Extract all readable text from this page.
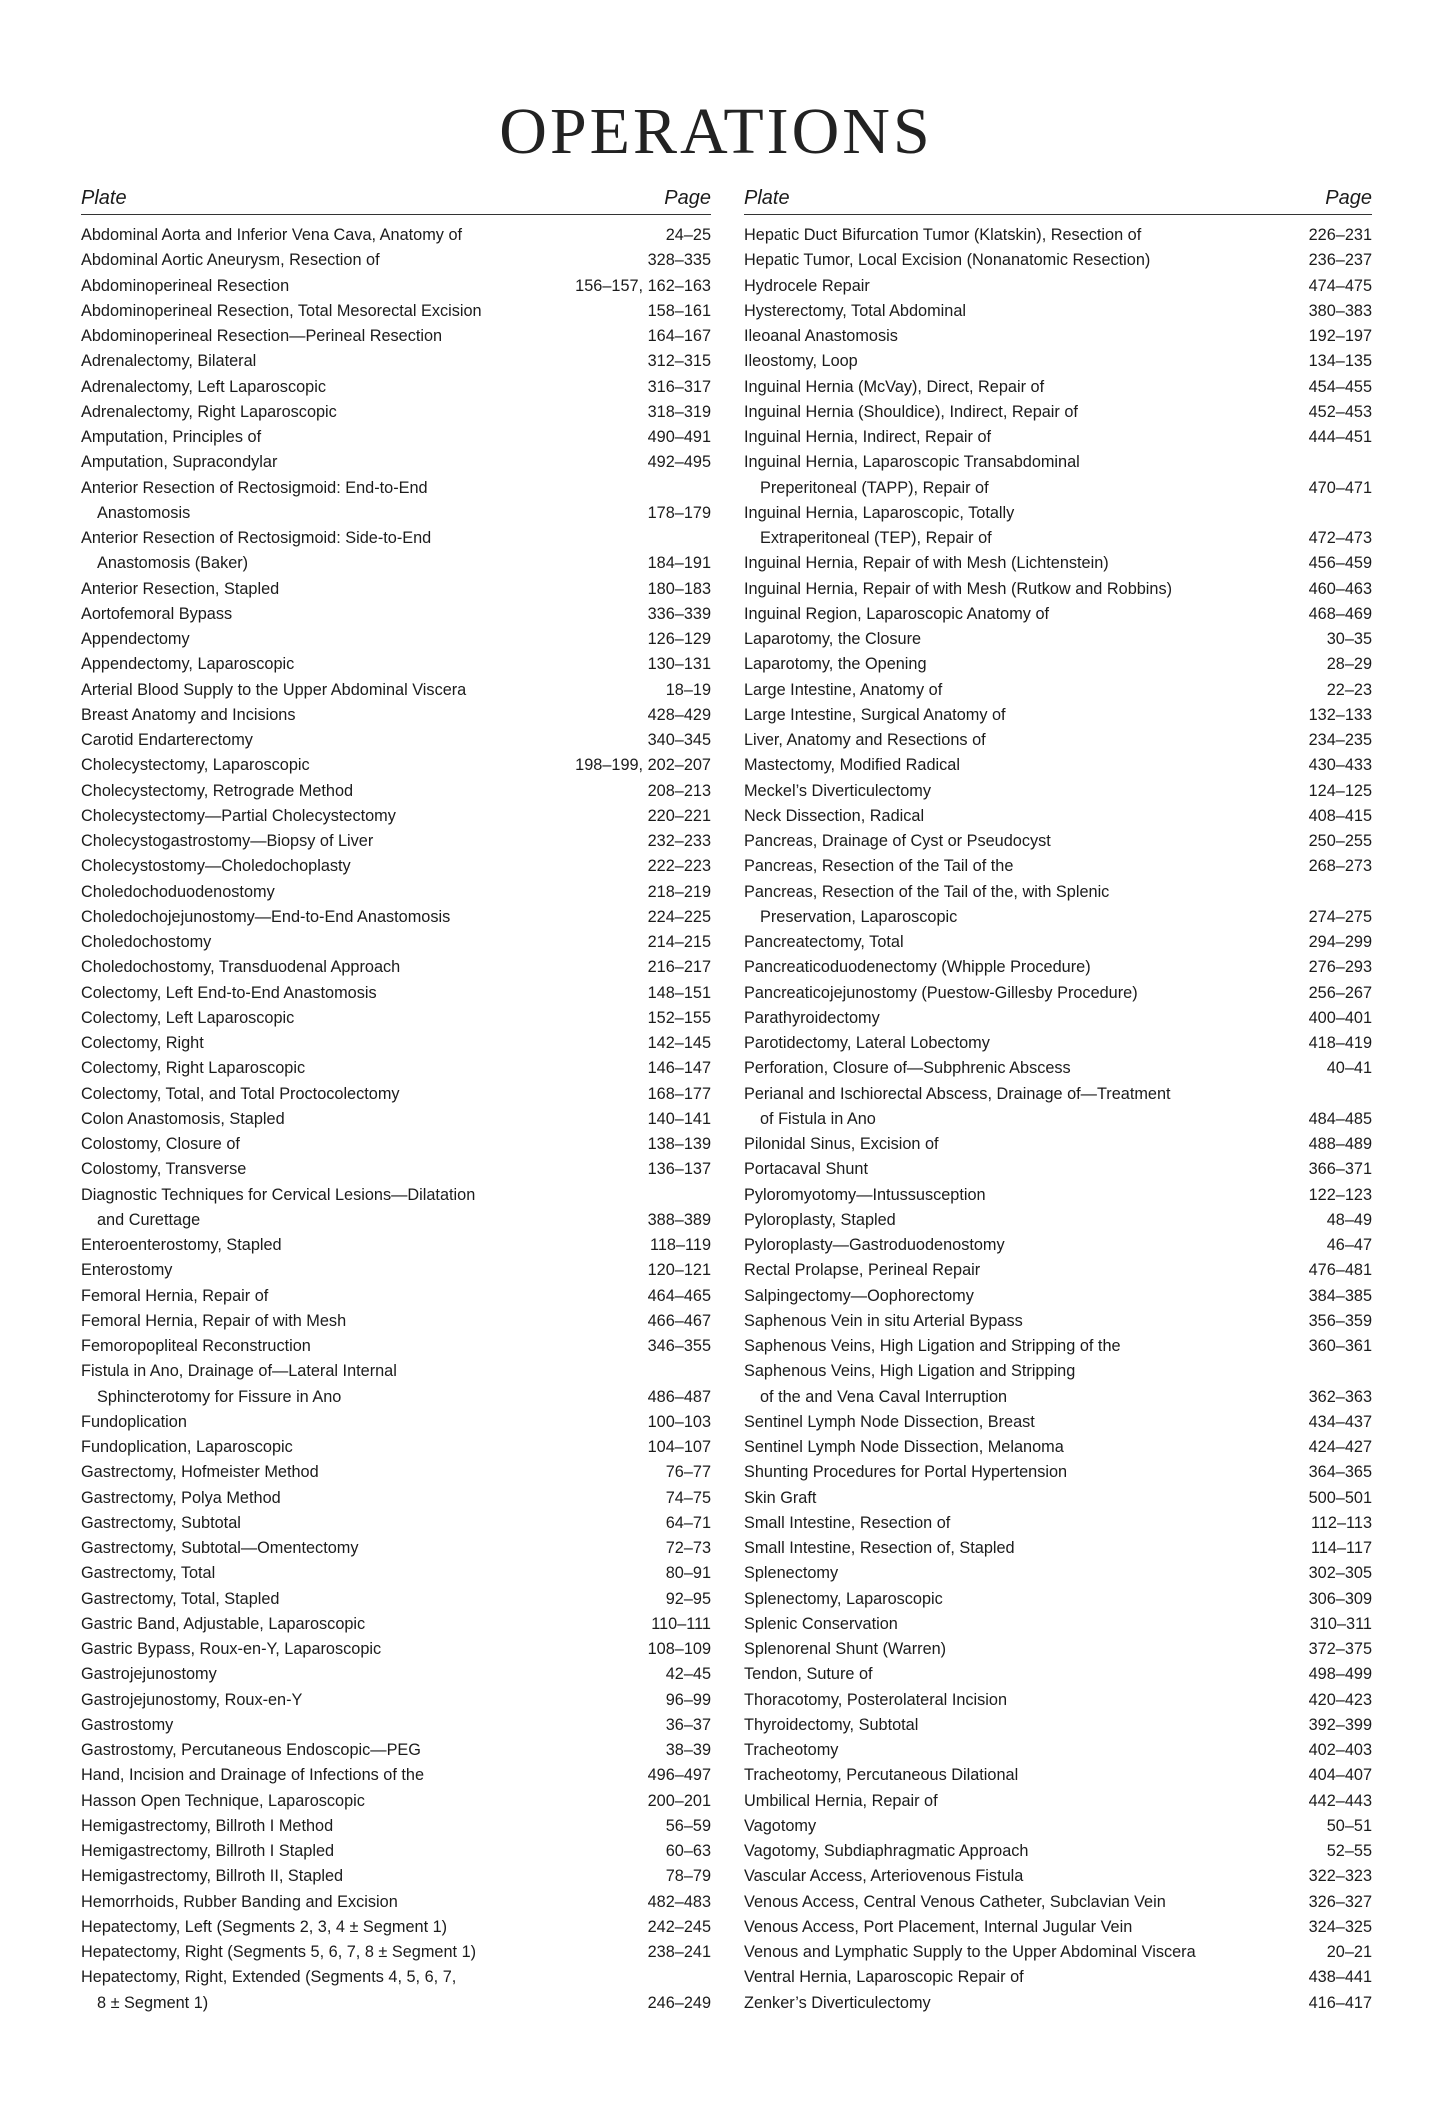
OPERATIONS
Plate	Page
Abdominal Aorta and Inferior Vena Cava, Anatomy of	24–25
Abdominal Aortic Aneurysm, Resection of	328–335
Abdominoperineal Resection	156–157, 162–163
Abdominoperineal Resection, Total Mesorectal Excision	158–161
Abdominoperineal Resection—Perineal Resection	164–167
Adrenalectomy, Bilateral	312–315
Adrenalectomy, Left Laparoscopic	316–317
Adrenalectomy, Right Laparoscopic	318–319
Amputation, Principles of	490–491
Amputation, Supracondylar	492–495
Anterior Resection of Rectosigmoid: End-to-End
Anastomosis	178–179
Anterior Resection of Rectosigmoid: Side-to-End
Anastomosis (Baker)	184–191
Anterior Resection, Stapled	180–183
Aortofemoral Bypass	336–339
Appendectomy	126–129
Appendectomy, Laparoscopic	130–131
Arterial Blood Supply to the Upper Abdominal Viscera	18–19
Breast Anatomy and Incisions	428–429
Carotid Endarterectomy	340–345
Cholecystectomy, Laparoscopic	198–199, 202–207
Cholecystectomy, Retrograde Method	208–213
Cholecystectomy—Partial Cholecystectomy	220–221
Cholecystogastrostomy—Biopsy of Liver	232–233
Cholecystostomy—Choledochoplasty	222–223
Choledochoduodenostomy	218–219
Choledochojejunostomy—End-to-End Anastomosis	224–225
Choledochostomy	214–215
Choledochostomy, Transduodenal Approach	216–217
Colectomy, Left End-to-End Anastomosis	148–151
Colectomy, Left Laparoscopic	152–155
Colectomy, Right	142–145
Colectomy, Right Laparoscopic	146–147
Colectomy, Total, and Total Proctocolectomy	168–177
Colon Anastomosis, Stapled	140–141
Colostomy, Closure of	138–139
Colostomy, Transverse	136–137
Diagnostic Techniques for Cervical Lesions—Dilatation
and Curettage	388–389
Enteroenterostomy, Stapled	118–119
Enterostomy	120–121
Femoral Hernia, Repair of	464–465
Femoral Hernia, Repair of with Mesh	466–467
Femoropopliteal Reconstruction	346–355
Fistula in Ano, Drainage of—Lateral Internal
Sphincterotomy for Fissure in Ano	486–487
Fundoplication	100–103
Fundoplication, Laparoscopic	104–107
Gastrectomy, Hofmeister Method	76–77
Gastrectomy, Polya Method	74–75
Gastrectomy, Subtotal	64–71
Gastrectomy, Subtotal—Omentectomy	72–73
Gastrectomy, Total	80–91
Gastrectomy, Total, Stapled	92–95
Gastric Band, Adjustable, Laparoscopic	110–111
Gastric Bypass, Roux-en-Y, Laparoscopic	108–109
Gastrojejunostomy	42–45
Gastrojejunostomy, Roux-en-Y	96–99
Gastrostomy	36–37
Gastrostomy, Percutaneous Endoscopic—PEG	38–39
Hand, Incision and Drainage of Infections of the	496–497
Hasson Open Technique, Laparoscopic	200–201
Hemigastrectomy, Billroth I Method	56–59
Hemigastrectomy, Billroth I Stapled	60–63
Hemigastrectomy, Billroth II, Stapled	78–79
Hemorrhoids, Rubber Banding and Excision	482–483
Hepatectomy, Left (Segments 2, 3, 4 ± Segment 1)	242–245
Hepatectomy, Right (Segments 5, 6, 7, 8 ± Segment 1)	238–241
Hepatectomy, Right, Extended (Segments 4, 5, 6, 7,
8 ± Segment 1)	246–249
Plate	Page
Hepatic Duct Bifurcation Tumor (Klatskin), Resection of	226–231
Hepatic Tumor, Local Excision (Nonanatomic Resection)	236–237
Hydrocele Repair	474–475
Hysterectomy, Total Abdominal	380–383
Ileoanal Anastomosis	192–197
Ileostomy, Loop	134–135
Inguinal Hernia (McVay), Direct, Repair of	454–455
Inguinal Hernia (Shouldice), Indirect, Repair of	452–453
Inguinal Hernia, Indirect, Repair of	444–451
Inguinal Hernia, Laparoscopic Transabdominal
Preperitoneal (TAPP), Repair of	470–471
Inguinal Hernia, Laparoscopic, Totally
Extraperitoneal (TEP), Repair of	472–473
Inguinal Hernia, Repair of with Mesh (Lichtenstein)	456–459
Inguinal Hernia, Repair of with Mesh (Rutkow and Robbins)	460–463
Inguinal Region, Laparoscopic Anatomy of	468–469
Laparotomy, the Closure	30–35
Laparotomy, the Opening	28–29
Large Intestine, Anatomy of	22–23
Large Intestine, Surgical Anatomy of	132–133
Liver, Anatomy and Resections of	234–235
Mastectomy, Modified Radical	430–433
Meckel’s Diverticulectomy	124–125
Neck Dissection, Radical	408–415
Pancreas, Drainage of Cyst or Pseudocyst	250–255
Pancreas, Resection of the Tail of the	268–273
Pancreas, Resection of the Tail of the, with Splenic
Preservation, Laparoscopic	274–275
Pancreatectomy, Total	294–299
Pancreaticoduodenectomy (Whipple Procedure)	276–293
Pancreaticojejunostomy (Puestow-Gillesby Procedure)	256–267
Parathyroidectomy	400–401
Parotidectomy, Lateral Lobectomy	418–419
Perforation, Closure of—Subphrenic Abscess	40–41
Perianal and Ischiorectal Abscess, Drainage of—Treatment
of Fistula in Ano	484–485
Pilonidal Sinus, Excision of	488–489
Portacaval Shunt	366–371
Pyloromyotomy—Intussusception	122–123
Pyloroplasty, Stapled	48–49
Pyloroplasty—Gastroduodenostomy	46–47
Rectal Prolapse, Perineal Repair	476–481
Salpingectomy—Oophorectomy	384–385
Saphenous Vein in situ Arterial Bypass	356–359
Saphenous Veins, High Ligation and Stripping of the	360–361
Saphenous Veins, High Ligation and Stripping
of the and Vena Caval Interruption	362–363
Sentinel Lymph Node Dissection, Breast	434–437
Sentinel Lymph Node Dissection, Melanoma	424–427
Shunting Procedures for Portal Hypertension	364–365
Skin Graft	500–501
Small Intestine, Resection of	112–113
Small Intestine, Resection of, Stapled	114–117
Splenectomy	302–305
Splenectomy, Laparoscopic	306–309
Splenic Conservation	310–311
Splenorenal Shunt (Warren)	372–375
Tendon, Suture of	498–499
Thoracotomy, Posterolateral Incision	420–423
Thyroidectomy, Subtotal	392–399
Tracheotomy	402–403
Tracheotomy, Percutaneous Dilational	404–407
Umbilical Hernia, Repair of	442–443
Vagotomy	50–51
Vagotomy, Subdiaphragmatic Approach	52–55
Vascular Access, Arteriovenous Fistula	322–323
Venous Access, Central Venous Catheter, Subclavian Vein	326–327
Venous Access, Port Placement, Internal Jugular Vein	324–325
Venous and Lymphatic Supply to the Upper Abdominal Viscera	20–21
Ventral Hernia, Laparoscopic Repair of	438–441
Zenker’s Diverticulectomy	416–417
